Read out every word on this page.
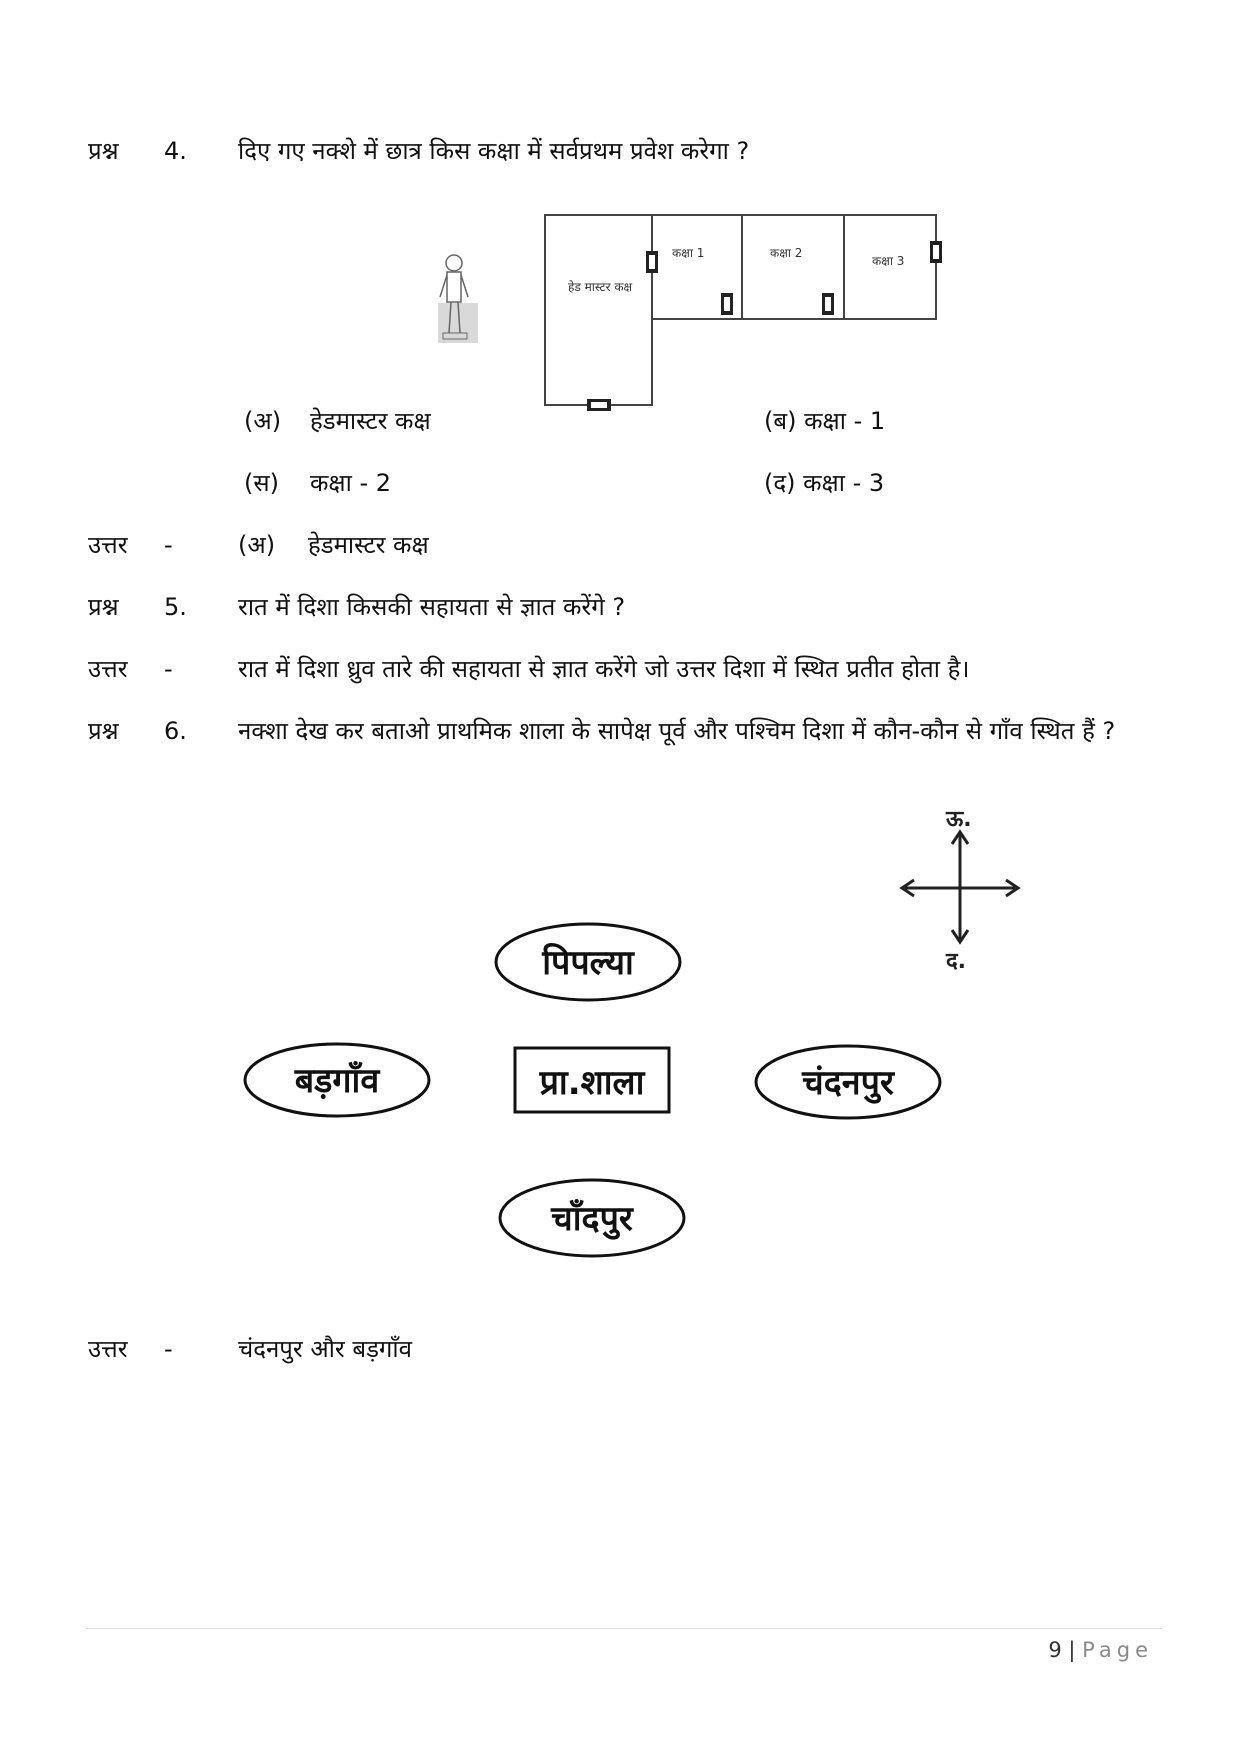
प्रश्न 4. दिए गए नक्शे में छात्र किस कक्षा में सर्वप्रथम प्रवेश करेगा ?
हेड मास्टर कक्ष
कक्षा 1	कक्षा 2
कक्षा 3
(अ) हेडमास्टर कक्ष	(ब) कक्षा - 1
(स) कक्षा - 2	(द) कक्षा - 3
उत्तर -	(अ) हेडमास्टर कक्ष
प्रश्न 5. रात में दिशा किसकी सहायता से ज्ञात करेंगे ?
उत्तर -	रात में दिशा ध्रुव तारे की सहायता से ज्ञात करेंगे जो उत्तर दिशा में स्थित प्रतीत होता है।
प्रश्न 6. नक्शा देख कर बताओ प्राथमिक शाला के सापेक्ष पूर्व और पश्चिम दिशा में कौन-कौन से गाँव स्थित हैं ?
ऊ.
द.
पिपल्या
बड़गाँव	प्रा.शाला	चंदनपुर
चाँदपुर
उत्तर -	चंदनपुर और बड़गाँव
9 | Page
